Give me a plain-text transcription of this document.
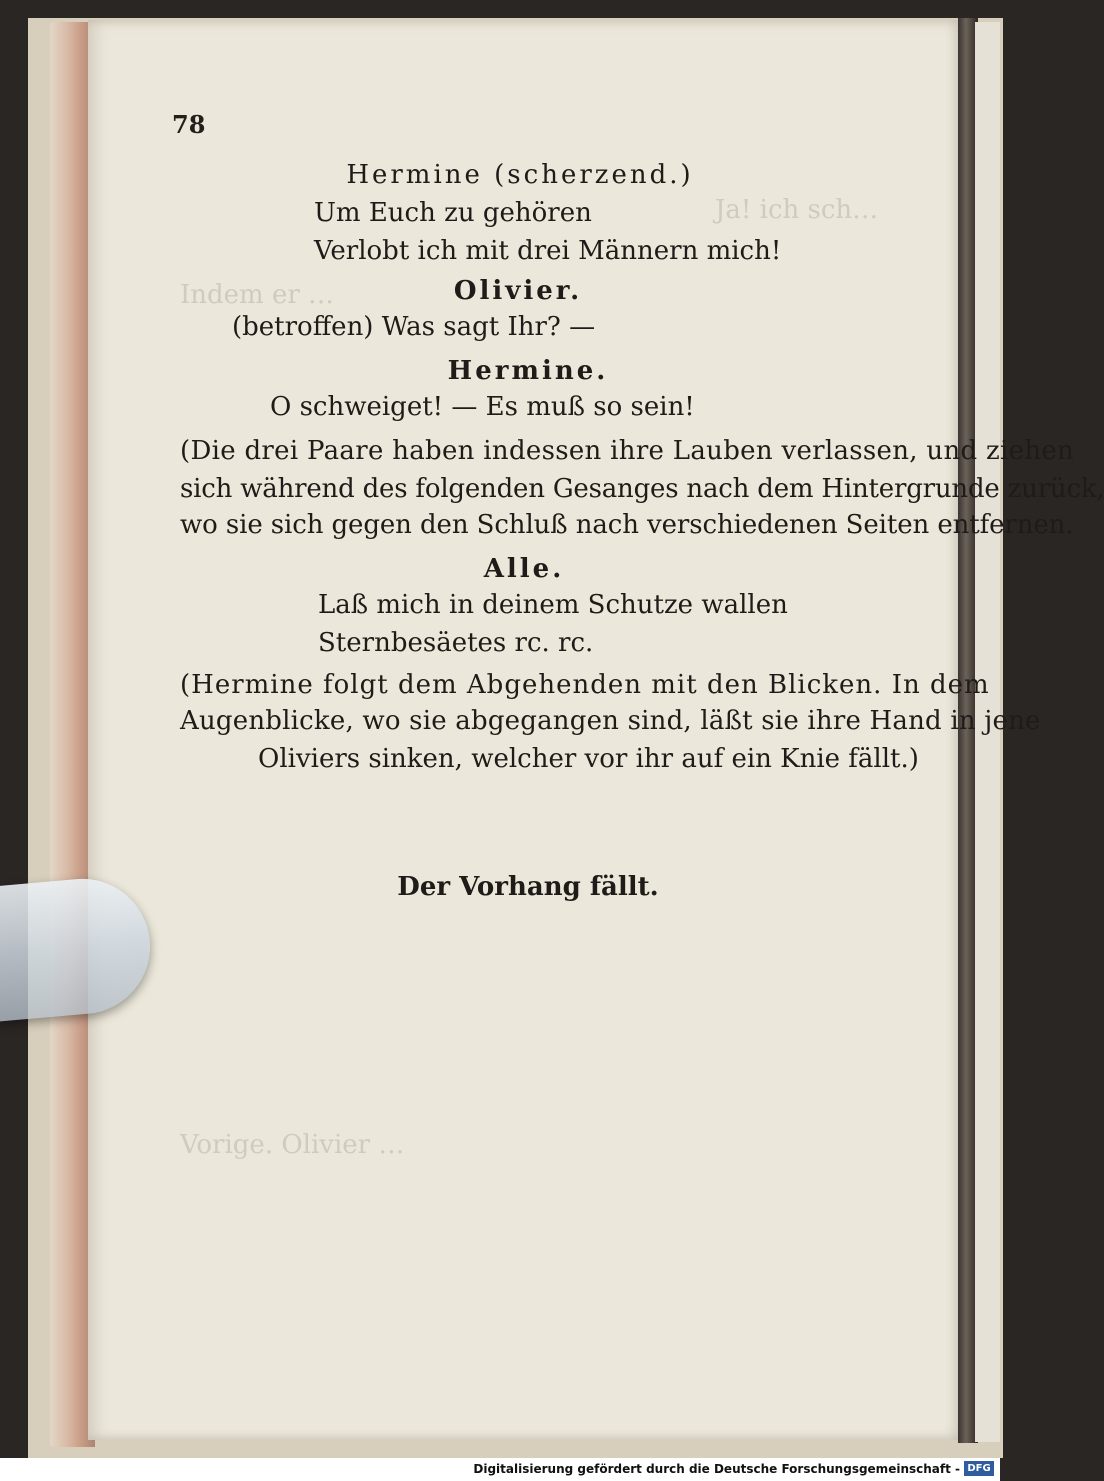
Ja! ich sch…
Indem er …
Vorige. Olivier …
78
Hermine (scherzend.)
Um Euch zu gehören
Verlobt ich mit drei Männern mich!
Olivier.
(betroffen) Was sagt Ihr? —
Hermine.
O schweiget! — Es muß so sein!
(Die drei Paare haben indessen ihre Lauben verlassen, und ziehen
sich während des folgenden Gesanges nach dem Hintergrunde zurück,
wo sie sich gegen den Schluß nach verschiedenen Seiten entfernen.
Alle.
Laß mich in deinem Schutze wallen
Sternbesäetes rc. rc.
(Hermine folgt dem Abgehenden mit den Blicken. In dem
Augenblicke, wo sie abgegangen sind, läßt sie ihre Hand in jene
Oliviers sinken, welcher vor ihr auf ein Knie fällt.)
Der Vorhang fällt.
Digitalisierung gefördert durch die Deutsche Forschungsgemeinschaft - DFG
